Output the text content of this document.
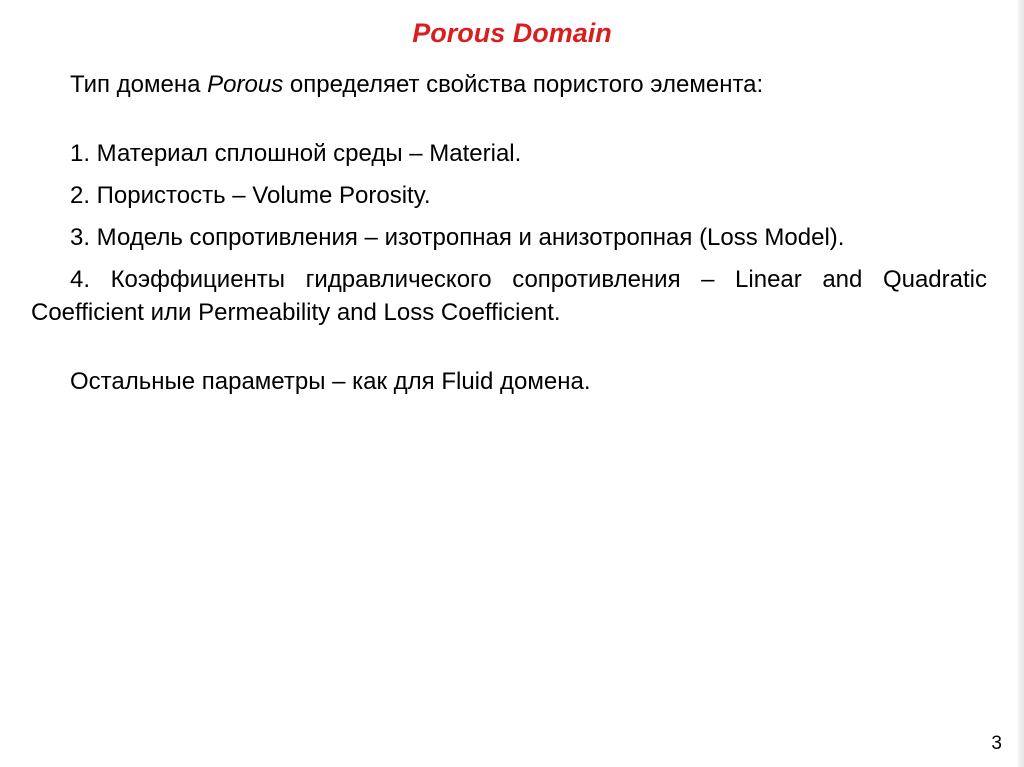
Porous Domain

Тип домена Porous определяет свойства пористого элемента:

1. Материал сплошной среды – Material.

2. Пористость – Volume Porosity.

3. Модель сопротивления – изотропная и анизотропная (Loss Model).

4. Коэффициенты гидравлического сопротивления – Linear and Quadratic Coefficient или Permeability and Loss Coefficient.

Остальные параметры – как для Fluid домена.

3
